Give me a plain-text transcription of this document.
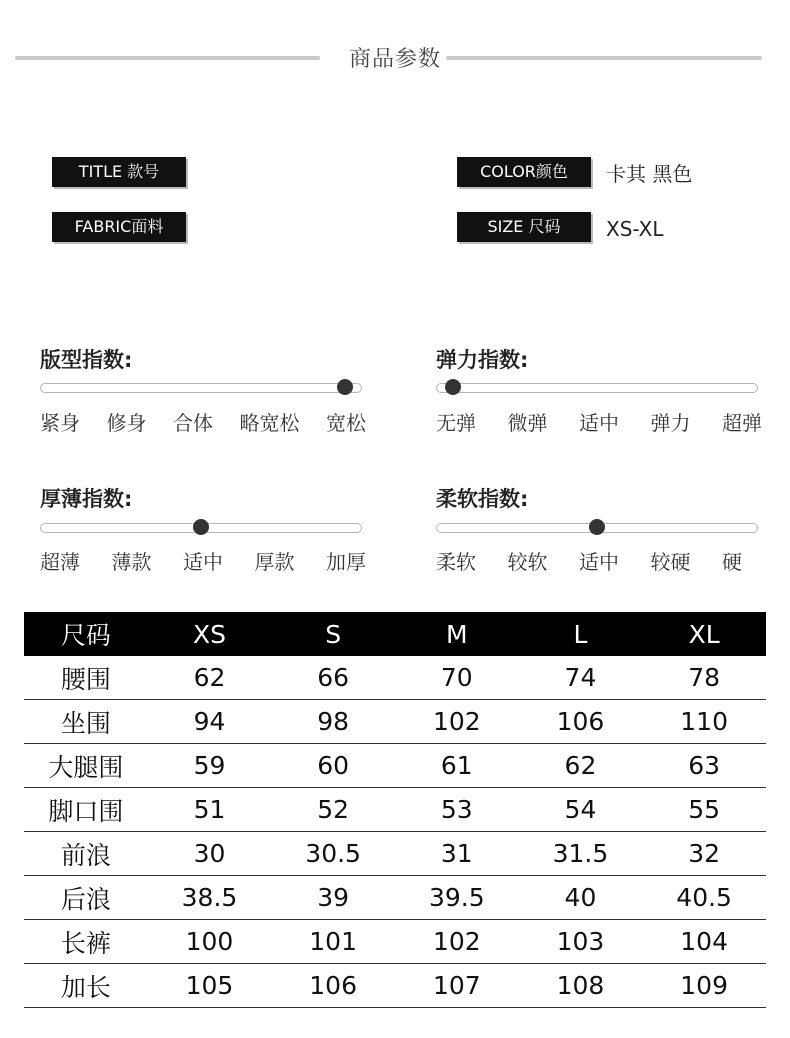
商品参数
TITLE 款号
FABRIC面料
COLOR颜色	卡其 黑色
SIZE 尺码	XS-XL
版型指数:
紧身 修身 合体 略宽松 宽松
弹力指数:
无弹 微弹 适中 弹力 超弹
厚薄指数:
超薄 薄款 适中 厚款 加厚
柔软指数:
柔软 较软 适中 较硬 硬
尺码	XS	S	M	L	XL
腰围	62	66	70	74	78
坐围	94	98	102	106	110
大腿围	59	60	61	62	63
脚口围	51	52	53	54	55
前浪	30	30.5	31	31.5	32
后浪	38.5	39	39.5	40	40.5
长裤	100	101	102	103	104
加长	105	106	107	108	109
